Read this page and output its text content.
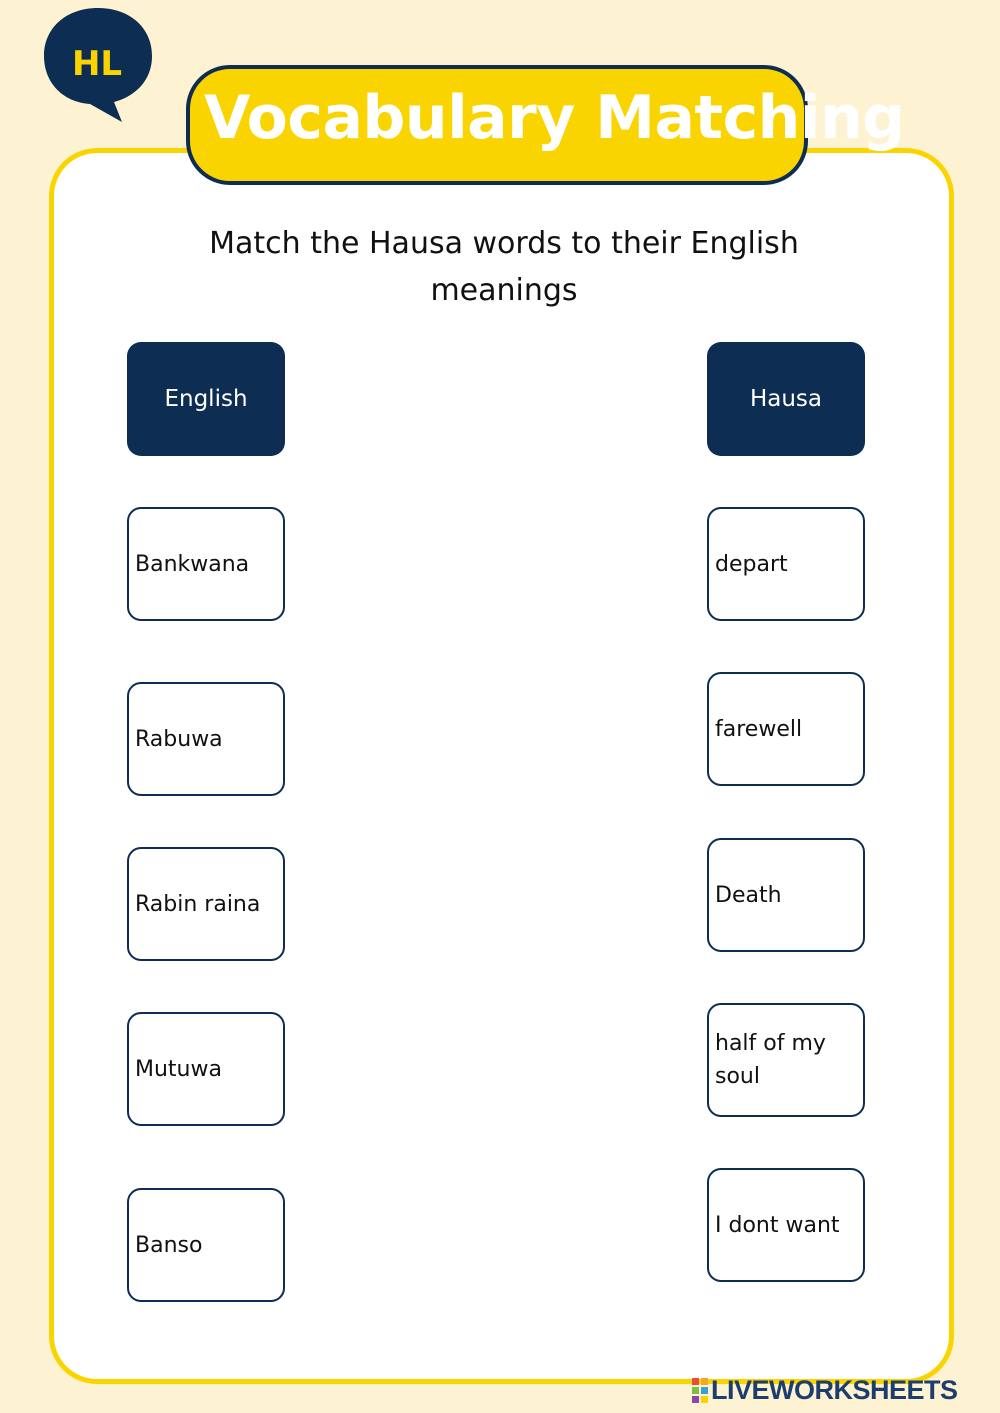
HL
Vocabulary Matching
Match the Hausa words to their English meanings
English	Hausa
Bankwana
Rabuwa
Rabin raina
Mutuwa
Banso
depart
farewell
Death
half of my soul
I dont want
LIVEWORKSHEETS
